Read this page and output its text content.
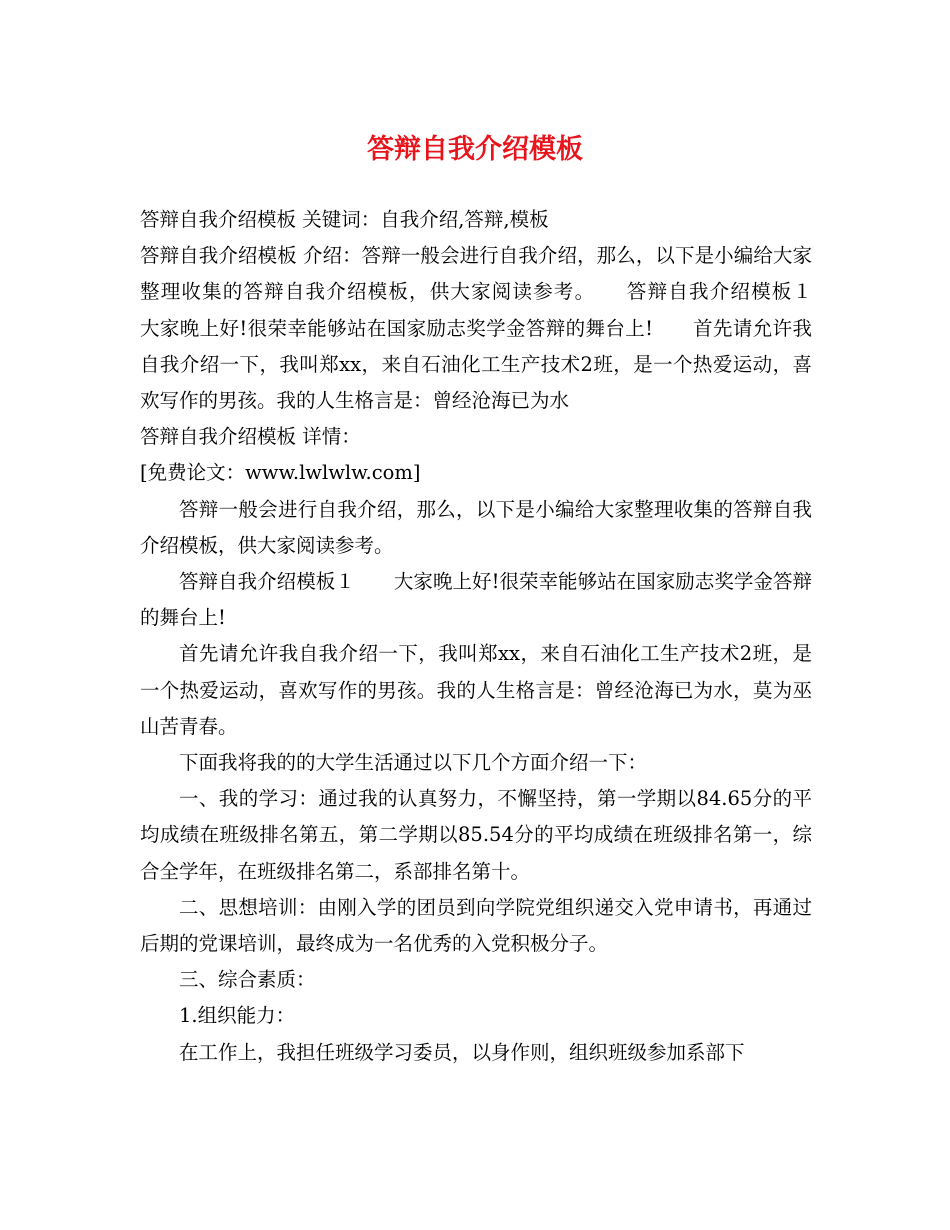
答辩自我介绍模板

答辩自我介绍模板 关键词：自我介绍,答辩,模板

答辩自我介绍模板 介绍：答辩一般会进行自我介绍，那么，以下是小编给大家整理收集的答辩自我介绍模板，供大家阅读参考。　　答辩自我介绍模板１　　大家晚上好!很荣幸能够站在国家励志奖学金答辩的舞台上!　　首先请允许我自我介绍一下，我叫郑xx，来自石油化工生产技术2班，是一个热爱运动，喜欢写作的男孩。我的人生格言是：曾经沧海已为水

答辩自我介绍模板 详情：

[免费论文：www.lwlwlw.com]

答辩一般会进行自我介绍，那么，以下是小编给大家整理收集的答辩自我介绍模板，供大家阅读参考。

答辩自我介绍模板１　　大家晚上好!很荣幸能够站在国家励志奖学金答辩的舞台上!

首先请允许我自我介绍一下，我叫郑xx，来自石油化工生产技术2班，是一个热爱运动，喜欢写作的男孩。我的人生格言是：曾经沧海已为水，莫为巫山苦青春。

下面我将我的的大学生活通过以下几个方面介绍一下：

一、我的学习：通过我的认真努力，不懈坚持，第一学期以84.65分的平均成绩在班级排名第五，第二学期以85.54分的平均成绩在班级排名第一，综合全学年，在班级排名第二，系部排名第十。

二、思想培训：由刚入学的团员到向学院党组织递交入党申请书，再通过后期的党课培训，最终成为一名优秀的入党积极分子。

三、综合素质：

1.组织能力：

在工作上，我担任班级学习委员，以身作则，组织班级参加系部下
